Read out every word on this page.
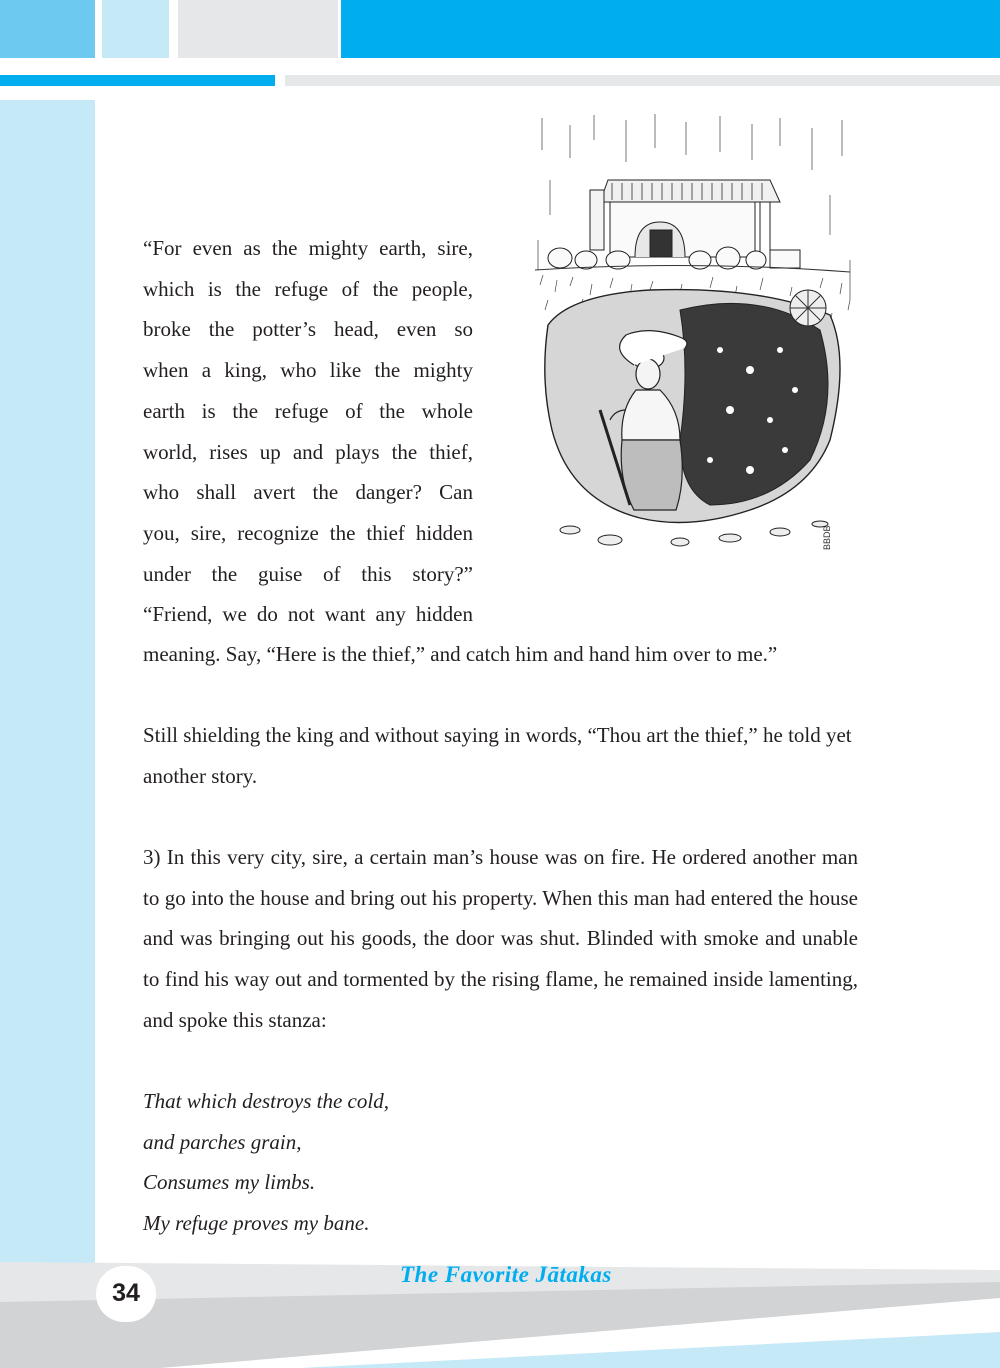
BBDB
“For even as the mighty earth, sire,
which is the refuge of the people,
broke the potter’s head, even so
when a king, who like the mighty
earth is the refuge of the whole
world, rises up and plays the thief,
who shall avert the danger? Can
you, sire, recognize the thief hidden
under the guise of this story?”
“Friend, we do not want any hidden

meaning. Say, “Here is the thief,” and catch him and hand him over to me.”

Still shielding the king and without saying in words, “Thou art the thief,” he told yet another story.

3) In this very city, sire, a certain man’s house was on fire. He ordered another man to go into the house and bring out his property. When this man had entered the house and was bringing out his goods, the door was shut. Blinded with smoke and unable to find his way out and tormented by the rising flame, he remained inside lamenting, and spoke this stanza:

That which destroys the cold,
and parches grain,
Consumes my limbs.
My refuge proves my bane.
34
The Favorite Jātakas
